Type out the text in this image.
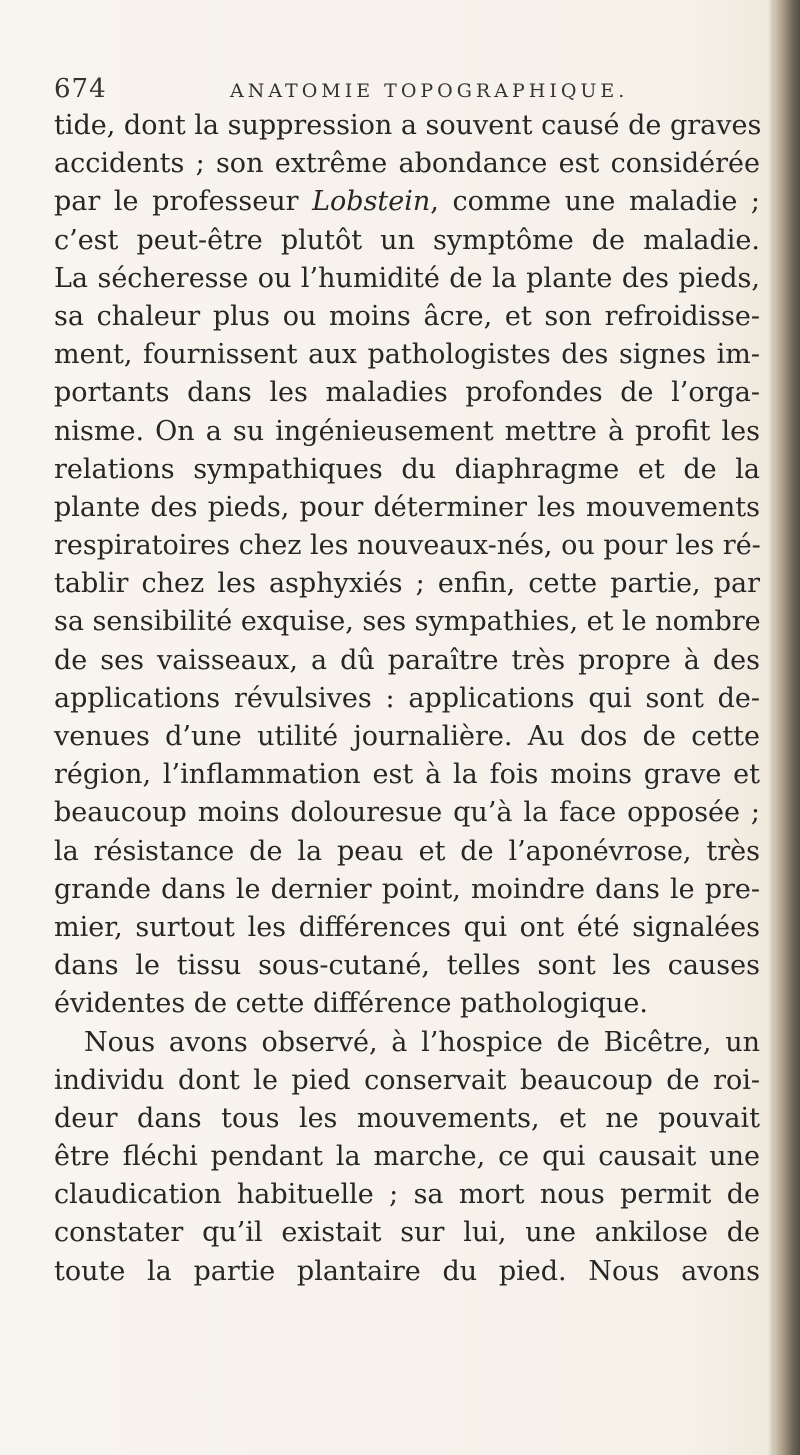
674	ANATOMIE TOPOGRAPHIQUE.
tide, dont la suppression a souvent causé de graves
accidents ; son extrême abondance est considérée
par le professeur Lobstein, comme une maladie ;
c’est peut-être plutôt un symptôme de maladie.
La sécheresse ou l’humidité de la plante des pieds,
sa chaleur plus ou moins âcre, et son refroidisse-
ment, fournissent aux pathologistes des signes im-
portants dans les maladies profondes de l’orga-
nisme. On a su ingénieusement mettre à profit les
relations sympathiques du diaphragme et de la
plante des pieds, pour déterminer les mouvements
respiratoires chez les nouveaux-nés, ou pour les ré-
tablir chez les asphyxiés ; enfin, cette partie, par
sa sensibilité exquise, ses sympathies, et le nombre
de ses vaisseaux, a dû paraître très propre à des
applications révulsives : applications qui sont de-
venues d’une utilité journalière. Au dos de cette
région, l’inflammation est à la fois moins grave et
beaucoup moins dolouresue qu’à la face opposée ;
la résistance de la peau et de l’aponévrose, très
grande dans le dernier point, moindre dans le pre-
mier, surtout les différences qui ont été signalées
dans le tissu sous-cutané, telles sont les causes
évidentes de cette différence pathologique.
Nous avons observé, à l’hospice de Bicêtre, un
individu dont le pied conservait beaucoup de roi-
deur dans tous les mouvements, et ne pouvait
être fléchi pendant la marche, ce qui causait une
claudication habituelle ; sa mort nous permit de
constater qu’il existait sur lui, une ankilose de
toute la partie plantaire du pied. Nous avons
